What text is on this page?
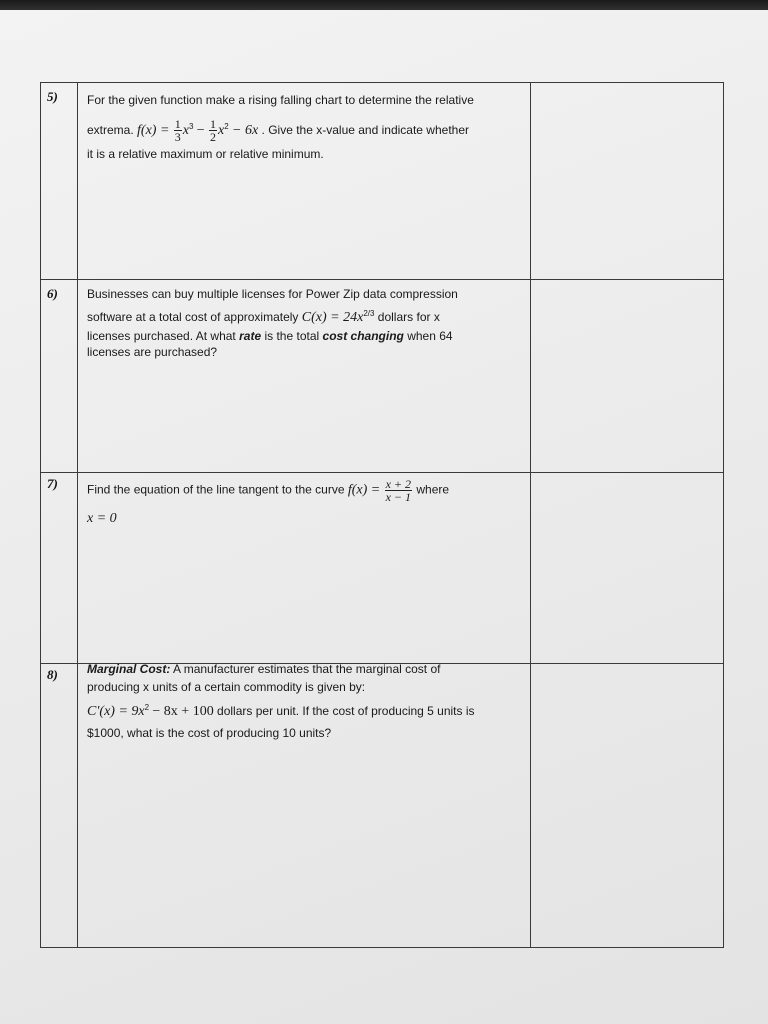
5) For the given function make a rising falling chart to determine the relative
extrema. $f(x) = \frac{1}{3} x^3 - \frac{1}{2} x^2 - 6x$ . Give the x-value and indicate whether
it is a relative maximum or relative minimum.
6) Businesses can buy multiple licenses for Power Zip data compression
software at a total cost of approximately $C(x) = 24x^{2/3}$ dollars for x
licenses purchased. At what rate is the total cost changing when 64
licenses are purchased?
7) Find the equation of the line tangent to the curve $f(x) = \frac{x + 2}{x - 1}$ where
x = 0
8) Marginal Cost: A manufacturer estimates that the marginal cost of
producing x units of a certain commodity is given by:
$C'(x) = 9x^2 - 8x + 100$ dollars per unit. If the cost of producing 5 units is
$1000, what is the cost of producing 10 units?
